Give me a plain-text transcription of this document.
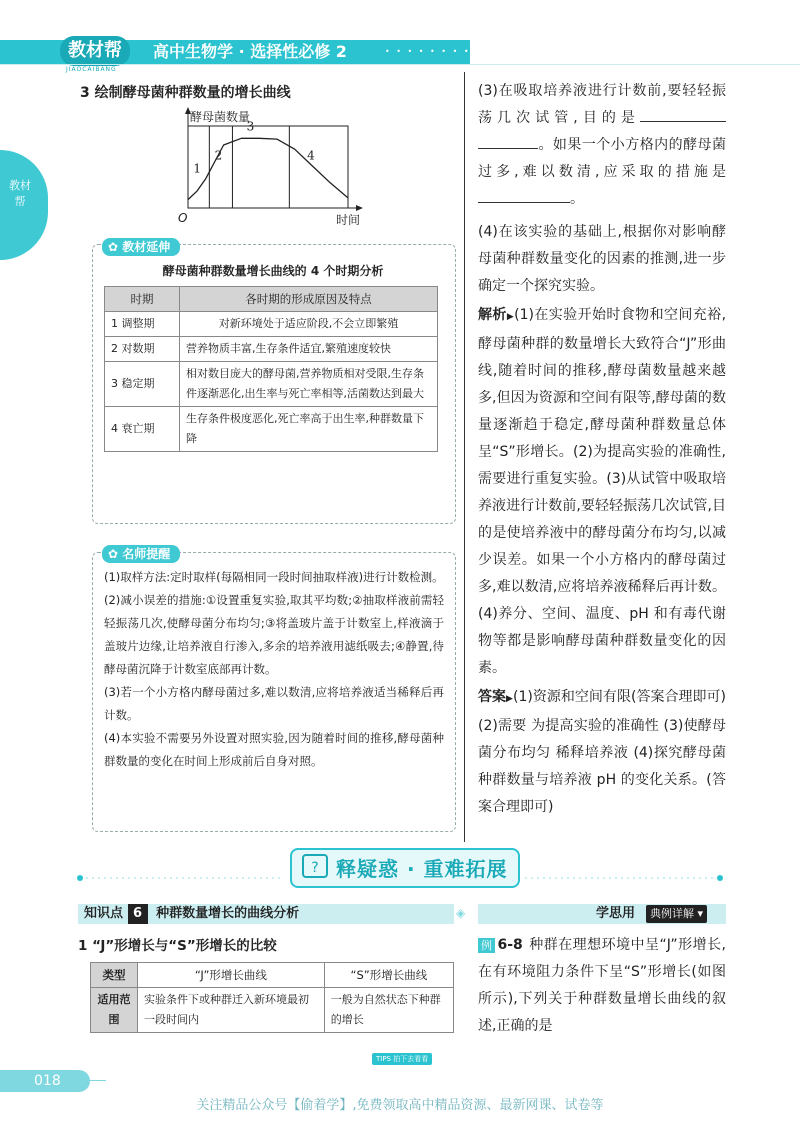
教材帮
JIAOCAIBANG
高中生物学 · 选择性必修 2	• • • • • • • • • •
教材帮
3 绘制酵母菌种群数量的增长曲线
1
2
3
4
酵母菌数量
时间
O
✿ 教材延伸
酵母菌种群数量增长曲线的 4 个时期分析
时期	各时期的形成原因及特点
1 调整期	对新环境处于适应阶段,不会立即繁殖
2 对数期	营养物质丰富,生存条件适宜,繁殖速度较快
3 稳定期	相对数目庞大的酵母菌,营养物质相对受限,生存条件逐渐恶化,出生率与死亡率相等,活菌数达到最大
4 衰亡期	生存条件极度恶化,死亡率高于出生率,种群数量下降
✿ 名师提醒

(1)取样方法:定时取样(每隔相同一段时间抽取样液)进行计数检测。

(2)减小误差的措施:①设置重复实验,取其平均数;②抽取样液前需轻轻振荡几次,使酵母菌分布均匀;③将盖玻片盖于计数室上,样液滴于盖玻片边缘,让培养液自行渗入,多余的培养液用滤纸吸去;④静置,待酵母菌沉降于计数室底部再计数。

(3)若一个小方格内酵母菌过多,难以数清,应将培养液适当稀释后再计数。

(4)本实验不需要另外设置对照实验,因为随着时间的推移,酵母菌种群数量的变化在时间上形成前后自身对照。

(3)在吸取培养液进行计数前,要轻轻振荡几次试管,目的是。如果一个小方格内的酵母菌过多,难以数清,应采取的措施是。

(4)在该实验的基础上,根据你对影响酵母菌种群数量变化的因素的推测,进一步确定一个探究实验。

解析▶(1)在实验开始时食物和空间充裕,酵母菌种群的数量增长大致符合“J”形曲线,随着时间的推移,酵母菌数量越来越多,但因为资源和空间有限等,酵母菌的数量逐渐趋于稳定,酵母菌种群数量总体呈“S”形增长。(2)为提高实验的准确性,需要进行重复实验。(3)从试管中吸取培养液进行计数前,要轻轻振荡几次试管,目的是使培养液中的酵母菌分布均匀,以减少误差。如果一个小方格内的酵母菌过多,难以数清,应将培养液稀释后再计数。(4)养分、空间、温度、pH 和有毒代谢物等都是影响酵母菌种群数量变化的因素。

答案▶(1)资源和空间有限(答案合理即可) (2)需要 为提高实验的准确性 (3)使酵母菌分布均匀 稀释培养液 (4)探究酵母菌种群数量与培养液 pH 的变化关系。(答案合理即可)

? 释疑惑 · 重难拓展
知识点 6 种群数量增长的曲线分析	◈	学思用	典例详解 ▾
1 “J”形增长与“S”形增长的比较
类型	“J”形增长曲线	“S”形增长曲线
适用范围	实验条件下或种群迁入新环境最初一段时间内	一般为自然状态下种群的增长

例 6-8 种群在理想环境中呈“J”形增长,在有环境阻力条件下呈“S”形增长(如图所示),下列关于种群数量增长曲线的叙述,正确的是

TIPS 拍下去看看
018
关注精品公众号【偷着学】,免费领取高中精品资源、最新网课、试卷等
